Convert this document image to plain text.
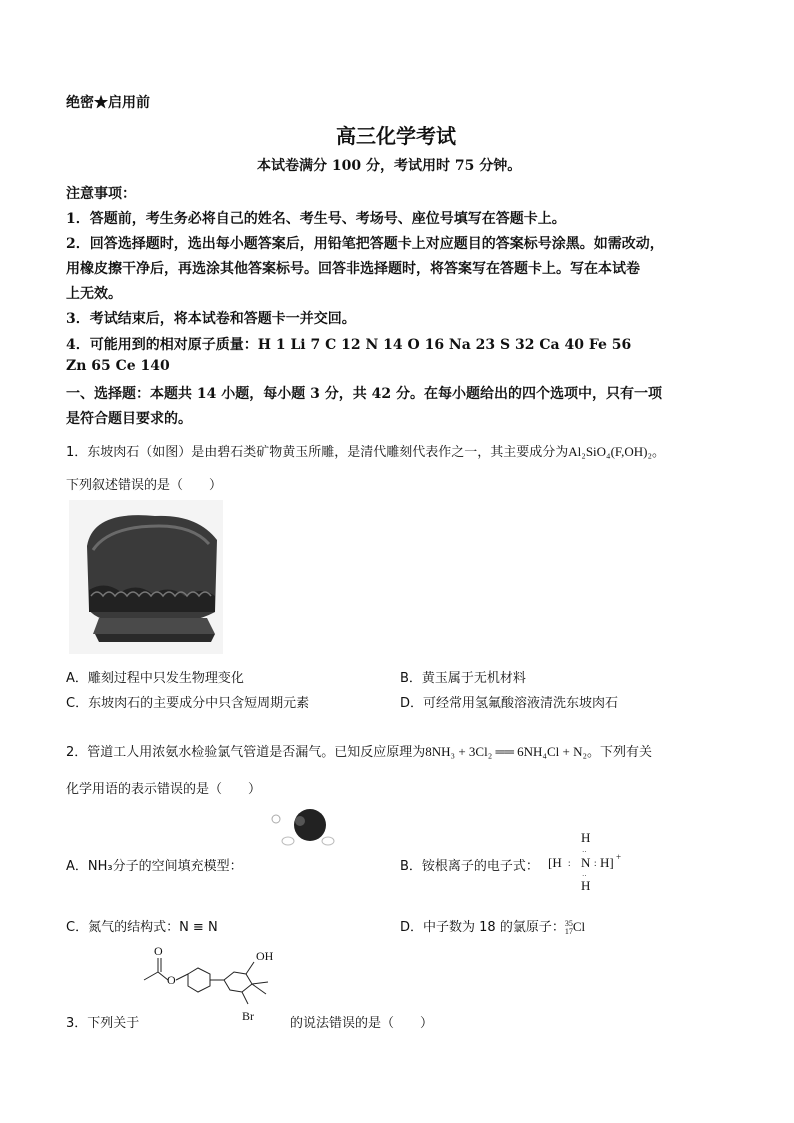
绝密★启用前
高三化学考试
本试卷满分 100 分，考试用时 75 分钟。
注意事项：
1．答题前，考生务必将自己的姓名、考生号、考场号、座位号填写在答题卡上。
2．回答选择题时，选出每小题答案后，用铅笔把答题卡上对应题目的答案标号涂黑。如需改动，
用橡皮擦干净后，再选涂其他答案标号。回答非选择题时，将答案写在答题卡上。写在本试卷
上无效。
3．考试结束后，将本试卷和答题卡一并交回。
4．可能用到的相对原子质量：H 1 Li 7 C 12 N 14 O 16 Na 23 S 32 Ca 40 Fe 56
Zn 65 Ce 140
一、选择题：本题共 14 小题，每小题 3 分，共 42 分。在每小题给出的四个选项中，只有一项
是符合题目要求的。
1．东坡肉石（如图）是由碧石类矿物黄玉所雕，是清代雕刻代表作之一，其主要成分为Al₂SiO₄(F,OH)₂。
下列叙述错误的是（　　）
A．雕刻过程中只发生物理变化	B．黄玉属于无机材料
C．东坡肉石的主要成分中只含短周期元素	D．可经常用氢氟酸溶液清洗东坡肉石
2．管道工人用浓氨水检验氯气管道是否漏气。已知反应原理为8NH₃ + 3Cl₂ ══ 6NH₄Cl + N₂。下列有关
化学用语的表示错误的是（　　）
A．NH₃分子的空间填充模型：	B．铵根离子的电子式：
H
··
[H : N : H] +
··
H
C．氮气的结构式：N ≡ N	D．中子数为 18 的氯原子： 35
17 Cl
O
O
OH
Br
3．下列关于	的说法错误的是（　　）
